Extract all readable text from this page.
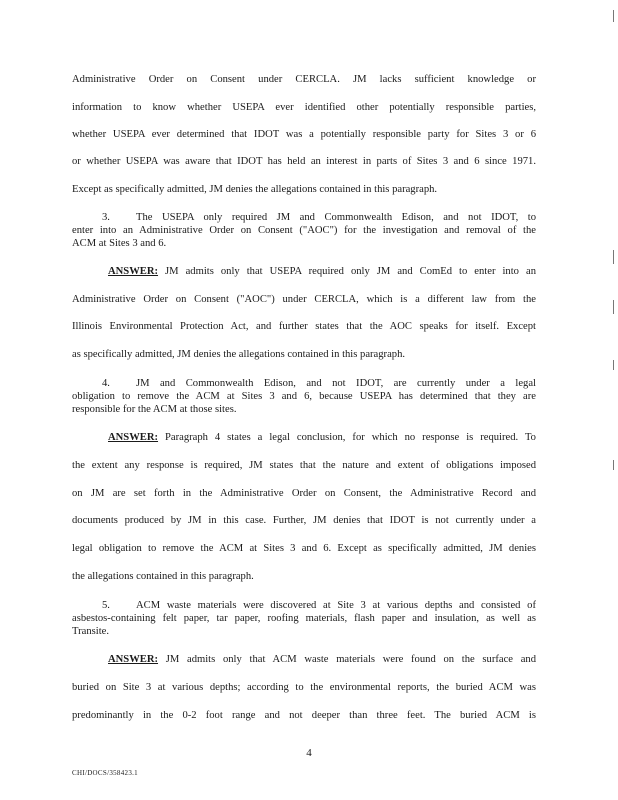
Administrative Order on Consent under CERCLA. JM lacks sufficient knowledge or
information to know whether USEPA ever identified other potentially responsible parties,
whether USEPA ever determined that IDOT was a potentially responsible party for Sites 3 or 6
or whether USEPA was aware that IDOT has held an interest in parts of Sites 3 and 6 since 1971.
Except as specifically admitted, JM denies the allegations contained in this paragraph.
3. The USEPA only required JM and Commonwealth Edison, and not IDOT, to
enter into an Administrative Order on Consent ("AOC") for the investigation and removal of the
ACM at Sites 3 and 6.
ANSWER: JM admits only that USEPA required only JM and ComEd to enter into an
Administrative Order on Consent ("AOC") under CERCLA, which is a different law from the
Illinois Environmental Protection Act, and further states that the AOC speaks for itself. Except
as specifically admitted, JM denies the allegations contained in this paragraph.
4. JM and Commonwealth Edison, and not IDOT, are currently under a legal
obligation to remove the ACM at Sites 3 and 6, because USEPA has determined that they are
responsible for the ACM at those sites.
ANSWER: Paragraph 4 states a legal conclusion, for which no response is required. To
the extent any response is required, JM states that the nature and extent of obligations imposed
on JM are set forth in the Administrative Order on Consent, the Administrative Record and
documents produced by JM in this case. Further, JM denies that IDOT is not currently under a
legal obligation to remove the ACM at Sites 3 and 6. Except as specifically admitted, JM denies
the allegations contained in this paragraph.
5. ACM waste materials were discovered at Site 3 at various depths and consisted of
asbestos-containing felt paper, tar paper, roofing materials, flash paper and insulation, as well as
Transite.
ANSWER: JM admits only that ACM waste materials were found on the surface and
buried on Site 3 at various depths; according to the environmental reports, the buried ACM was
predominantly in the 0-2 foot range and not deeper than three feet. The buried ACM is
4
CHI/DOCS/358423.1
